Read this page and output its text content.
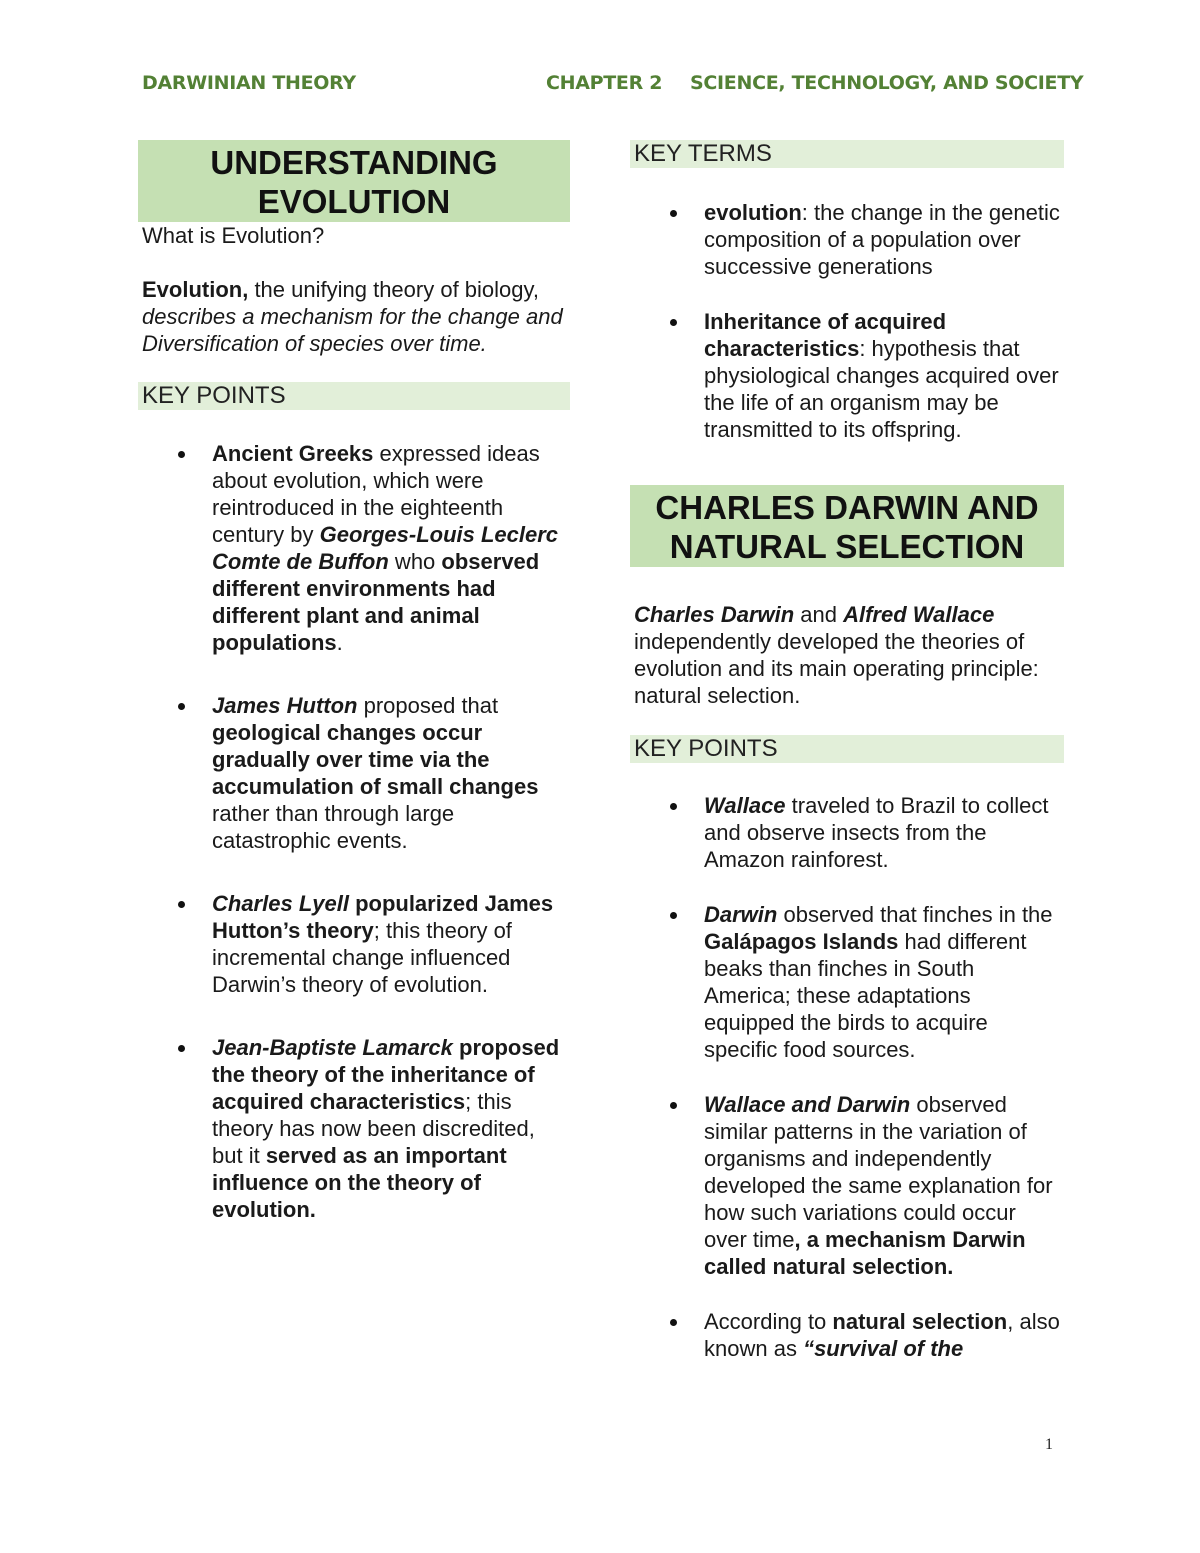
DARWINIAN THEORY	CHAPTER 2 SCIENCE, TECHNOLOGY, AND SOCIETY
UNDERSTANDING
EVOLUTION

What is Evolution?

Evolution, the unifying theory of biology, describes a mechanism for the change and Diversification of species over time.

KEY POINTS
Ancient Greeks expressed ideas about evolution, which were reintroduced in the eighteenth century by Georges-Louis Leclerc Comte de Buffon who observed different environments had different plant and animal populations.
James Hutton proposed that geological changes occur gradually over time via the accumulation of small changes rather than through large catastrophic events.
Charles Lyell popularized James Hutton’s theory; this theory of incremental change influenced Darwin’s theory of evolution.
Jean-Baptiste Lamarck proposed the theory of the inheritance of acquired characteristics; this theory has now been discredited, but it served as an important influence on the theory of evolution.
KEY TERMS
evolution: the change in the genetic composition of a population over successive generations
Inheritance of acquired characteristics: hypothesis that physiological changes acquired over the life of an organism may be transmitted to its offspring.
CHARLES DARWIN AND
NATURAL SELECTION

Charles Darwin and Alfred Wallace independently developed the theories of evolution and its main operating principle: natural selection.

KEY POINTS
Wallace traveled to Brazil to collect and observe insects from the Amazon rainforest.
Darwin observed that finches in the Galápagos Islands had different beaks than finches in South America; these adaptations equipped the birds to acquire specific food sources.
Wallace and Darwin observed similar patterns in the variation of organisms and independently developed the same explanation for how such variations could occur over time, a mechanism Darwin called natural selection.
According to natural selection, also known as “survival of the
1
